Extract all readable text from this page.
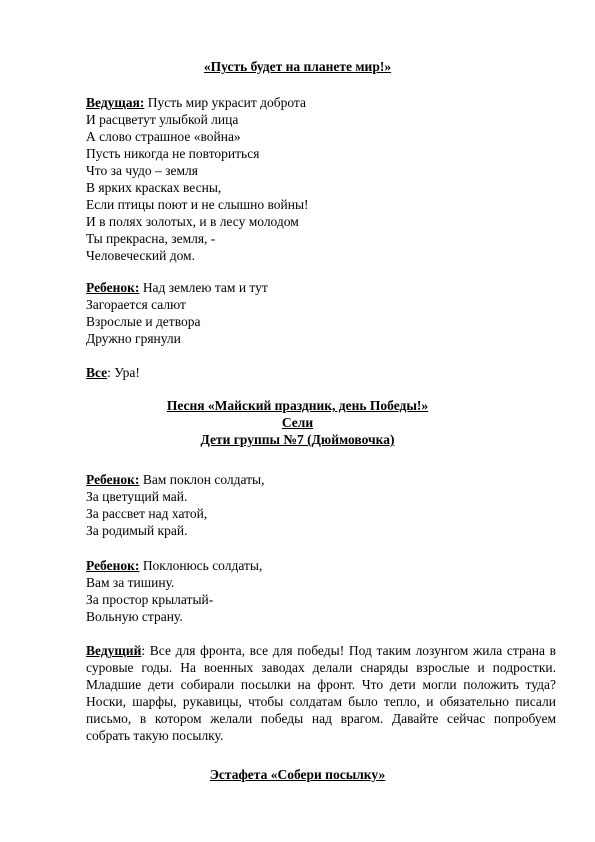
«Пусть будет на планете мир!»
Ведущая: Пусть мир украсит доброта
И расцветут улыбкой лица
А слово страшное «война»
Пусть никогда не повториться
Что за чудо – земля
В ярких красках весны,
Если птицы поют и не слышно войны!
И в полях золотых, и в лесу молодом
Ты прекрасна, земля, -
Человеческий дом.
Ребенок: Над землею там и тут
Загорается салют
Взрослые и детвора
Дружно грянули
Все: Ура!
Песня «Майский праздник, день Победы!»
Сели
Дети группы №7 (Дюймовочка)
Ребенок: Вам поклон солдаты,
За цветущий май.
За рассвет над хатой,
За родимый край.
Ребенок: Поклонюсь солдаты,
Вам за тишину.
За простор крылатый-
Вольную страну.
Ведущий: Все для фронта, все для победы! Под таким лозунгом жила страна в суровые годы. На военных заводах делали снаряды взрослые и подростки. Младшие дети собирали посылки на фронт. Что дети могли положить туда? Носки, шарфы, рукавицы, чтобы солдатам было тепло, и обязательно писали письмо, в котором желали победы над врагом. Давайте сейчас попробуем собрать такую посылку.
Эстафета «Собери посылку»
